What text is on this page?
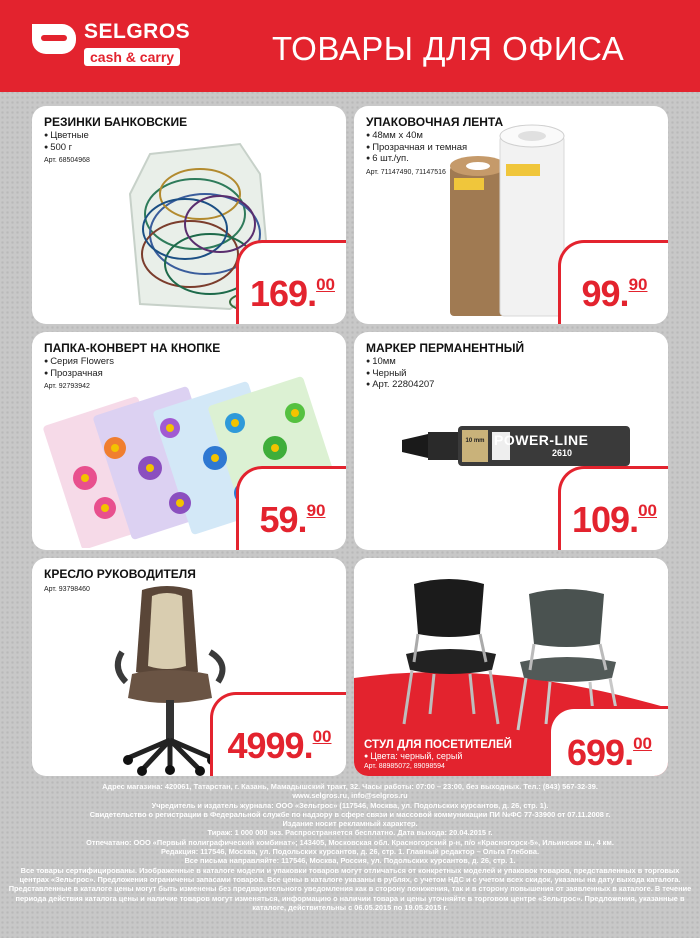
SELGROS
cash & carry	ТОВАРЫ ДЛЯ ОФИСА
РЕЗИНКИ БАНКОВСКИЕ
● Цветные
● 500 г
Арт. 68504968
169.00
УПАКОВОЧНАЯ ЛЕНТА
● 48мм х 40м
● Прозрачная и темная
● 6 шт./уп.
Арт. 71147490, 71147516
99.90
ПАПКА-КОНВЕРТ НА КНОПКЕ
● Серия Flowers
● Прозрачная
Арт. 92793942
59.90
МАРКЕР ПЕРМАНЕНТНЫЙ
● 10мм
● Черный
● Арт. 22804207
10 mm POWER-LINE
2610
109.00
КРЕСЛО РУКОВОДИТЕЛЯ
Арт. 93798460
4999.00	СТУЛ ДЛЯ ПОСЕТИТЕЛЕЙ
● Цвета: черный, серый
Арт. 88985072, 89098594	699.00

Адрес магазина: 420061, Татарстан, г. Казань, Мамадышский тракт, 32. Часы работы: 07:00 – 23:00, без выходных. Тел.: (843) 567-32-39.

www.selgros.ru, info@selgros.ru

Учредитель и издатель журнала: ООО «Зельгрос» (117546, Москва, ул. Подольских курсантов, д. 26, стр. 1).

Свидетельство о регистрации в Федеральной службе по надзору в сфере связи и массовой коммуникации ПИ №ФС 77-33900 от 07.11.2008 г.

Издание носит рекламный характер.

Тираж: 1 000 000 экз. Распространяется бесплатно. Дата выхода: 20.04.2015 г.

Отпечатано: ООО «Первый полиграфический комбинат»; 143405, Московская обл. Красногорский р-н, п/о «Красногорск-5», Ильинское ш., 4 км.

Редакция: 117546, Москва, ул. Подольских курсантов, д. 26, стр. 1. Главный редактор – Ольга Глебова.

Все письма направляйте: 117546, Москва, Россия, ул. Подольских курсантов, д. 26, стр. 1.

Все товары сертифицированы. Изображенные в каталоге модели и упаковки товаров могут отличаться от конкретных моделей и упаковок товаров, представленных в торговых центрах «Зельгрос». Предложения ограничены запасами товаров. Все цены в каталоге указаны в рублях, с учетом НДС и с учетом всех скидок, указаны на дату выхода каталога. Представленные в каталоге цены могут быть изменены без предварительного уведомления как в сторону понижения, так и в сторону повышения от заявленных в каталоге. В течение периода действия каталога цены и наличие товаров могут изменяться, информацию о наличии товара и цены уточняйте в торговом центре «Зельгрос». Предложения, указанные в каталоге, действительны с 06.05.2015 по 19.05.2015 г.
